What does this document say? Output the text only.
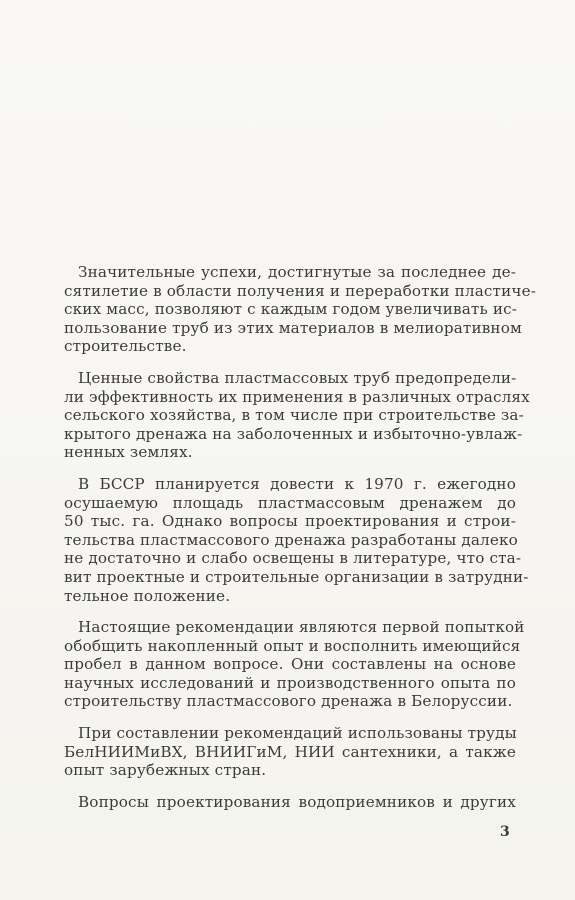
Значительные успехи, достигнутые за последнее де-
сятилетие в области получения и переработки пластиче-
ских масс, позволяют с каждым годом увеличивать ис-
пользование труб из этих материалов в мелиоративном
строительстве.

Ценные свойства пластмассовых труб предопредели-
ли эффективность их применения в различных отраслях
сельского хозяйства, в том числе при строительстве за-
крытого дренажа на заболоченных и избыточно-увлаж-
ненных землях.

В БССР планируется довести к 1970 г. ежегодно
осушаемую площадь пластмассовым дренажем до
50 тыс. га. Однако вопросы проектирования и строи-
тельства пластмассового дренажа разработаны далеко
не достаточно и слабо освещены в литературе, что ста-
вит проектные и строительные организации в затрудни-
тельное положение.

Настоящие рекомендации являются первой попыткой
обобщить накопленный опыт и восполнить имеющийся
пробел в данном вопросе. Они составлены на основе
научных исследований и производственного опыта по
строительству пластмассового дренажа в Белоруссии.

При составлении рекомендаций использованы труды
БелНИИМиВХ, ВНИИГиМ, НИИ сантехники, а также
опыт зарубежных стран.

Вопросы проектирования водоприемников и других

3
